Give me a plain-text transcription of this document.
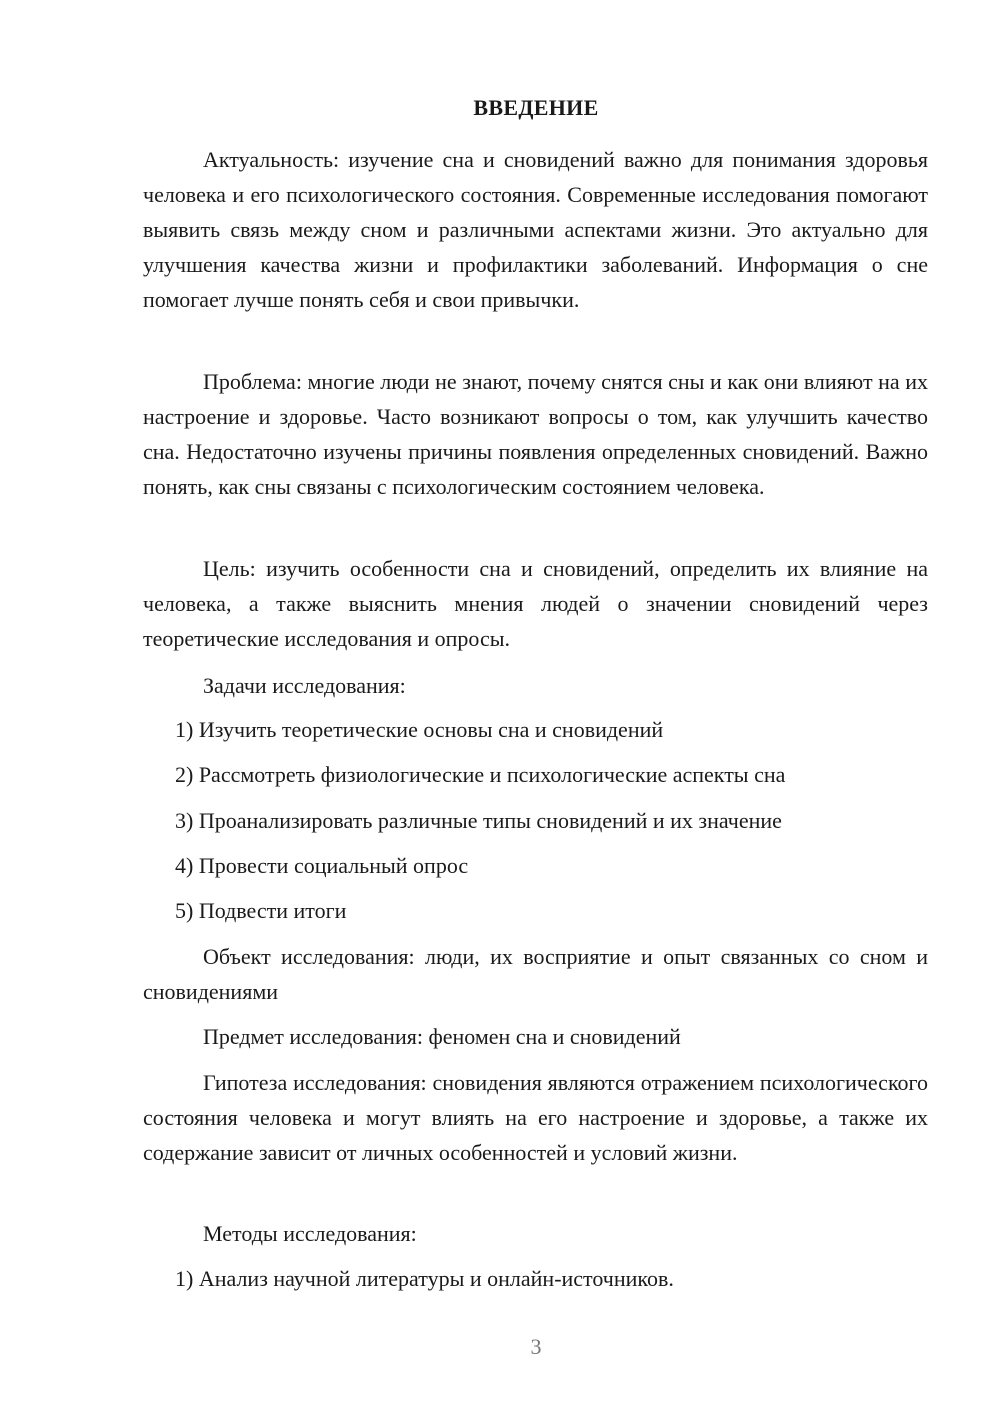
ВВЕДЕНИЕ

Актуальность: изучение сна и сновидений важно для понимания здоровья человека и его психологического состояния. Современные исследования помогают выявить связь между сном и различными аспектами жизни. Это актуально для улучшения качества жизни и профилактики заболеваний. Информация о сне помогает лучше понять себя и свои привычки.

Проблема: многие люди не знают, почему снятся сны и как они влияют на их настроение и здоровье. Часто возникают вопросы о том, как улучшить качество сна. Недостаточно изучены причины появления определенных сновидений. Важно понять, как сны связаны с психологическим состоянием человека.

Цель: изучить особенности сна и сновидений, определить их влияние на человека, а также выяснить мнения людей о значении сновидений через теоретические исследования и опросы.

Задачи исследования:

1) Изучить теоретические основы сна и сновидений

2) Рассмотреть физиологические и психологические аспекты сна

3) Проанализировать различные типы сновидений и их значение

4) Провести социальный опрос

5) Подвести итоги

Объект исследования: люди, их восприятие и опыт связанных со сном и сновидениями

Предмет исследования: феномен сна и сновидений

Гипотеза исследования: сновидения являются отражением психологического состояния человека и могут влиять на его настроение и здоровье, а также их содержание зависит от личных особенностей и условий жизни.

Методы исследования:

1) Анализ научной литературы и онлайн-источников.

3
